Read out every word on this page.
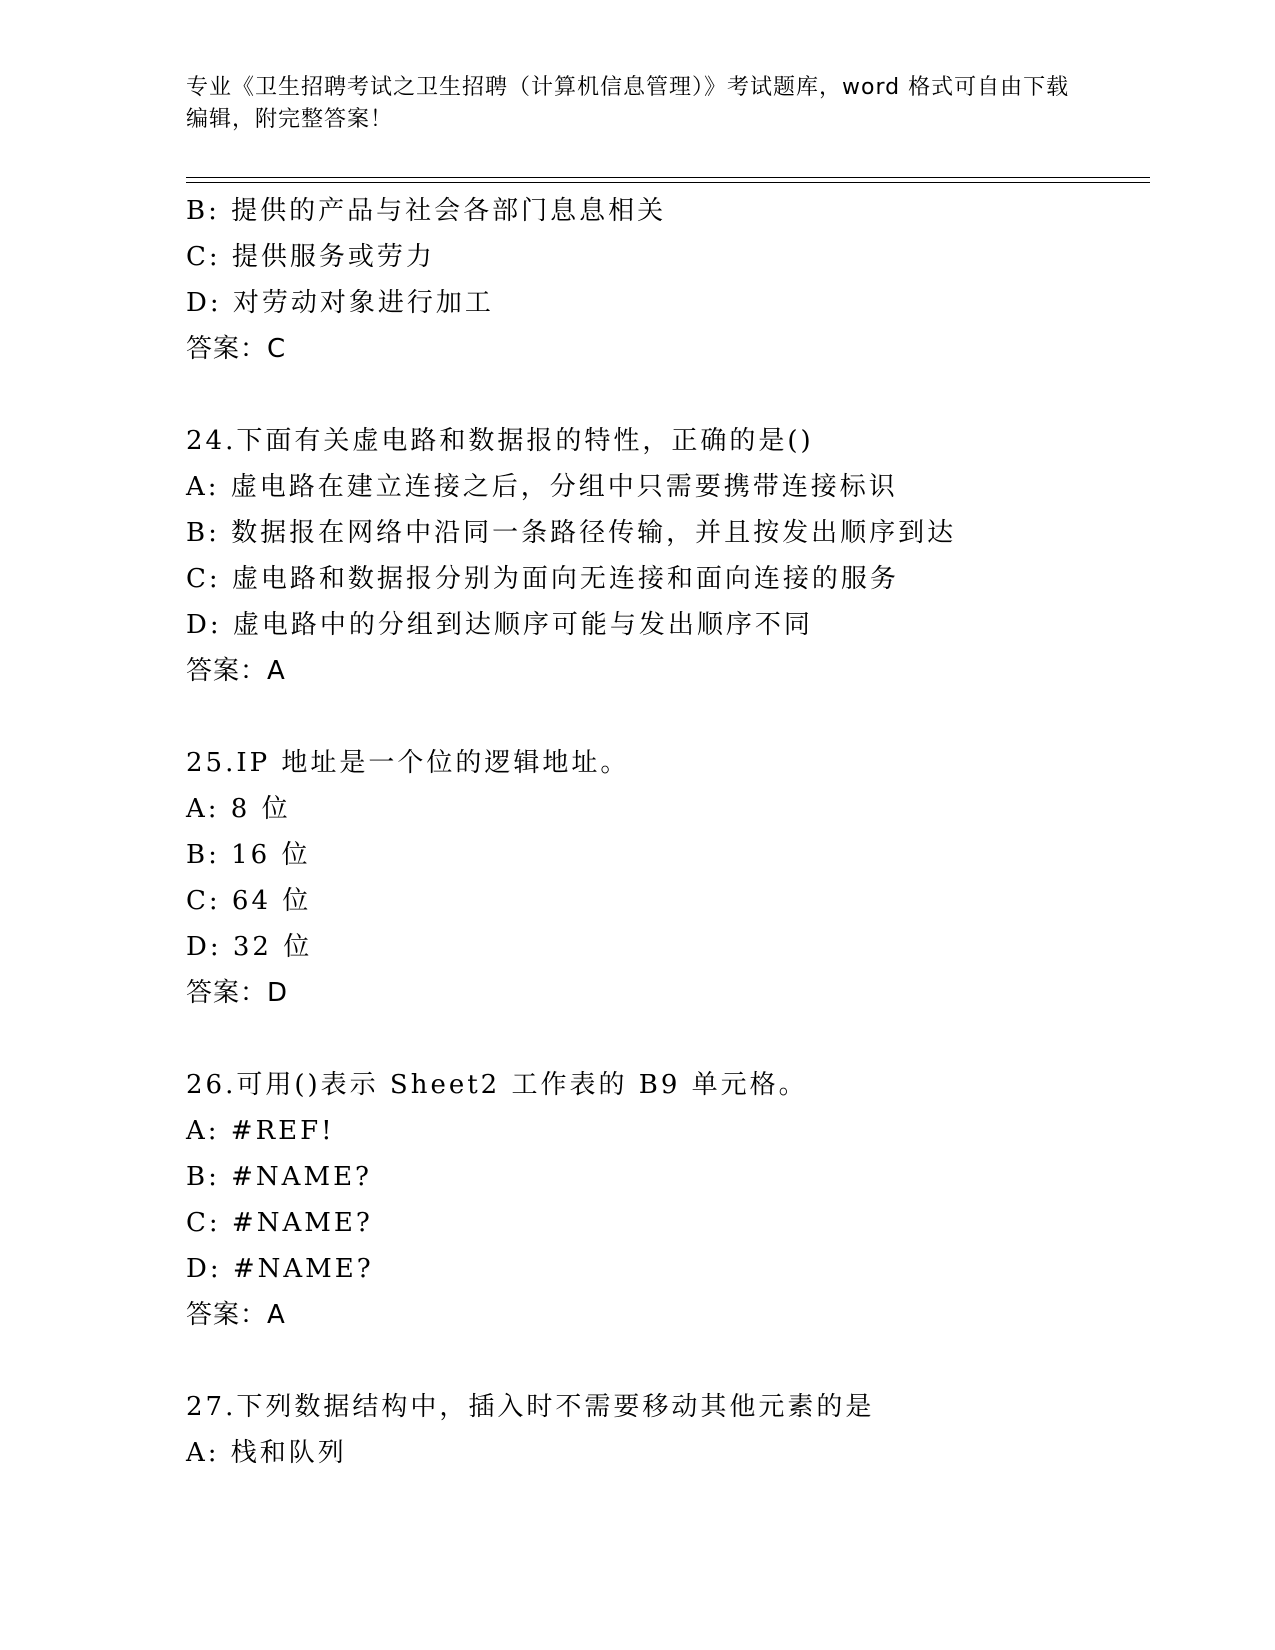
专业《卫生招聘考试之卫生招聘（计算机信息管理）》考试题库，word 格式可自由下载编辑，附完整答案！
B: 提供的产品与社会各部门息息相关
C: 提供服务或劳力
D: 对劳动对象进行加工
答案：C
24.下面有关虚电路和数据报的特性，正确的是()
A: 虚电路在建立连接之后，分组中只需要携带连接标识
B: 数据报在网络中沿同一条路径传输，并且按发出顺序到达
C: 虚电路和数据报分别为面向无连接和面向连接的服务
D: 虚电路中的分组到达顺序可能与发出顺序不同
答案：A
25.IP 地址是一个位的逻辑地址。
A: 8 位
B: 16 位
C: 64 位
D: 32 位
答案：D
26.可用()表示 Sheet2 工作表的 B9 单元格。
A: #REF!
B: #NAME?
C: #NAME?
D: #NAME?
答案：A
27.下列数据结构中，插入时不需要移动其他元素的是
A: 栈和队列
